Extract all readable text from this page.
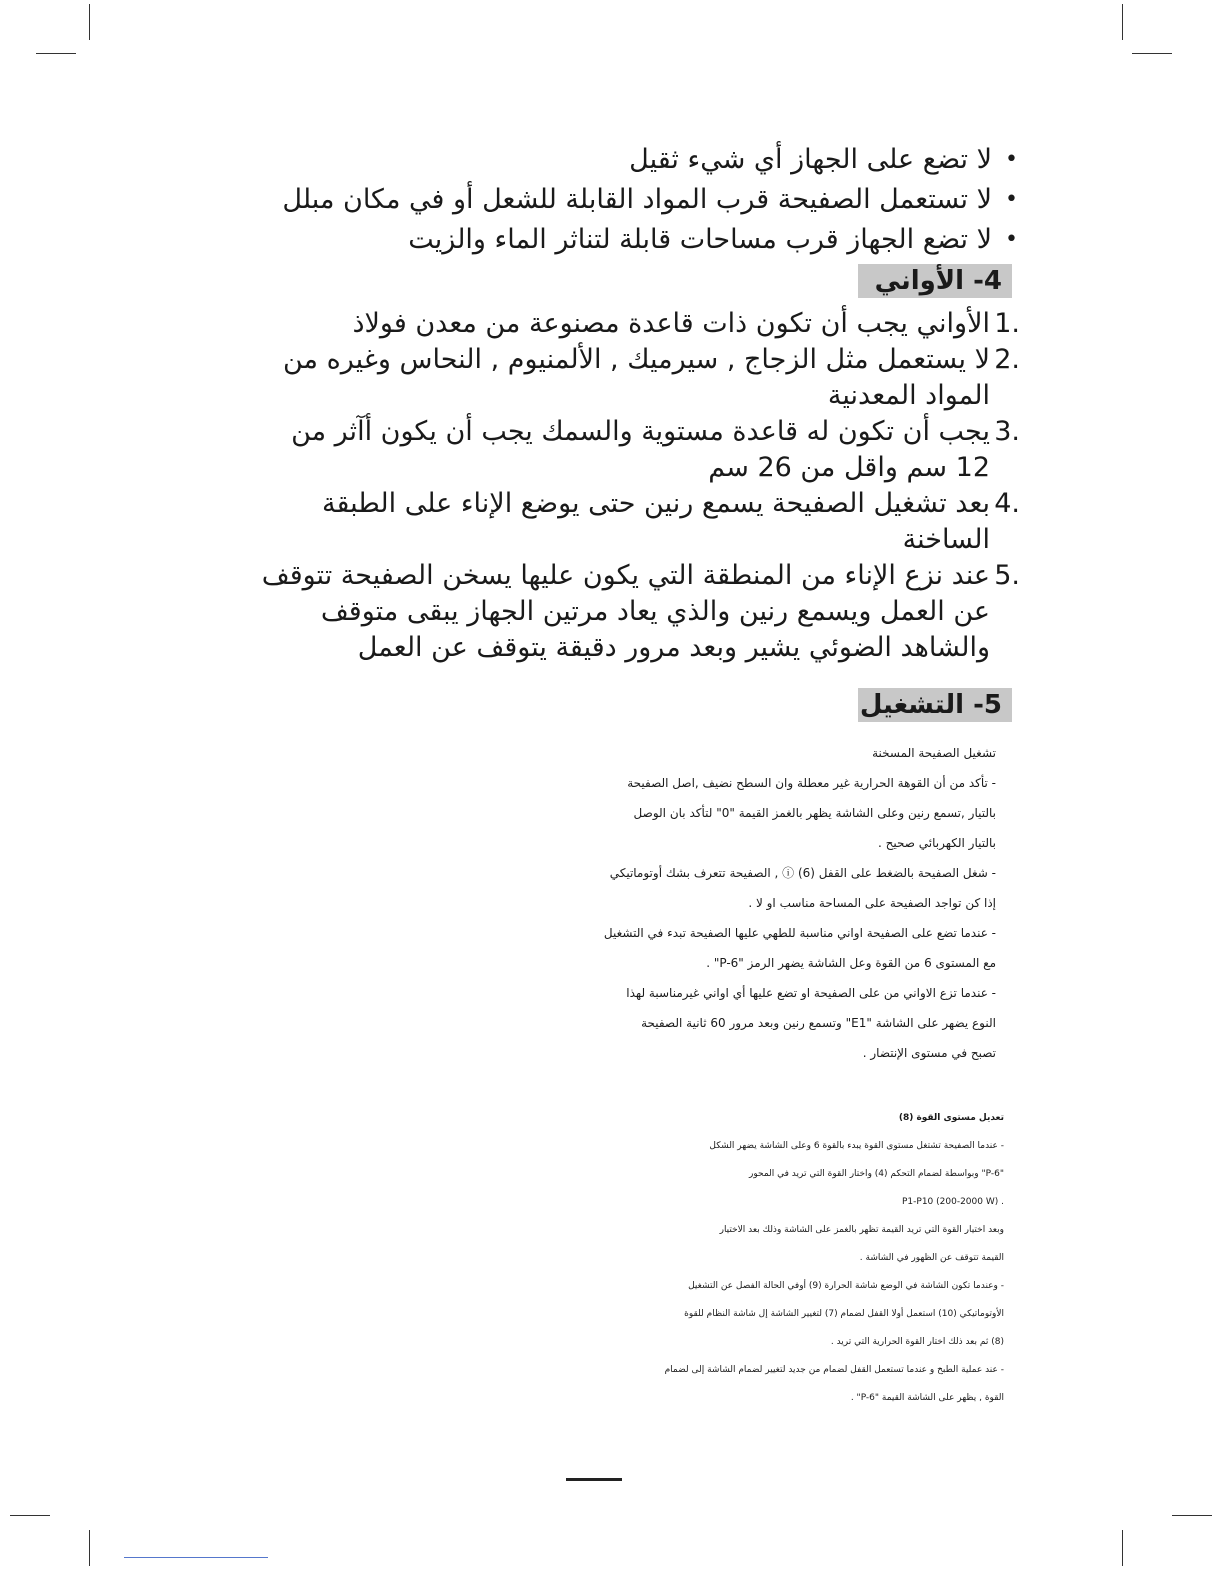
• لا تضع على الجهاز أي شيء ثقيل
• لا تستعمل الصفيحة قرب المواد القابلة للشعل أو في مكان مبلل
• لا تضع الجهاز قرب مساحات قابلة لتناثر الماء والزيت
4- الأواني
1.
الأواني يجب أن تكون ذات قاعدة مصنوعة من معدن فولاذ
2.
لا يستعمل مثل الزجاج , سيرميك , الألمنيوم , النحاس وغيره من المواد المعدنية
3.
يجب أن تكون له قاعدة مستوية والسمك يجب أن يكون أآثر من 12 سم واقل من 26 سم
4.
بعد تشغيل الصفيحة يسمع رنين حتى يوضع الإناء على الطبقة الساخنة
5.
عند نزع الإناء من المنطقة التي يكون عليها يسخن الصفيحة تتوقف عن العمل ويسمع رنين والذي يعاد مرتين الجهاز يبقى متوقف والشاهد الضوئي يشير وبعد مرور دقيقة يتوقف عن العمل
5- التشغيل

تشغيل الصفيحة المسخنة

- تأكد من أن القوهة الحرارية غير معطلة وان السطح نضيف ,اصل الصفيحة

بالتيار ,تسمع رنين وعلى الشاشة يظهر بالغمز القيمة "0" لتأكد بان الوصل

بالتيار الكهربائي صحيح .

- شغل الصفيحة بالضغط على القفل ⓘ (6) , الصفيحة تتعرف بشك أوتوماتيكي

إذا كن تواجد الصفيحة على المساحة مناسب او لا .

- عندما تضع على الصفيحة اواني مناسبة للطهي عليها الصفيحة تبدء في التشغيل

مع المستوى 6 من القوة وعل الشاشة يضهر الرمز "P-6" .

- عندما تزع الاواني من على الصفيحة او تضع عليها أي اواني غيرمناسبة لهذا

النوع يضهر على الشاشة "E1" وتسمع رنين وبعد مرور 60 ثانية الصفيحة

تصبح في مستوى الإنتضار .

تعديل مستوى القوة (8)

- عندما الصفيحة تشتغل مستوى القوة يبدء بالقوة 6 وعلى الشاشة يضهر الشكل

"P-6" وبواسطة لضمام التحكم (4) واختار القوة التي تريد في المحور

. P1-P10 (200-2000 W)

وبعد اختيار القوة التي تريد القيمة تظهر بالغمز على الشاشة وذلك بعد الاختيار

القيمة تتوقف عن الظهور في الشاشة .

- وعندما تكون الشاشة في الوضع شاشة الحرارة (9) أوفي الحالة الفصل عن التشغيل

الأوتوماتيكي (10) استعمل أولا القفل لضمام (7) لتغيير الشاشة إل شاشة النظام للقوة

(8) ثم بعد ذلك اختار القوة الحرارية التي تريد .

- عند عملية الطبخ و عندما تستعمل القفل لضمام من جديد لتغيير لضمام الشاشة إلى لضمام

القوة , يظهر على الشاشة القيمة "P-6" .
